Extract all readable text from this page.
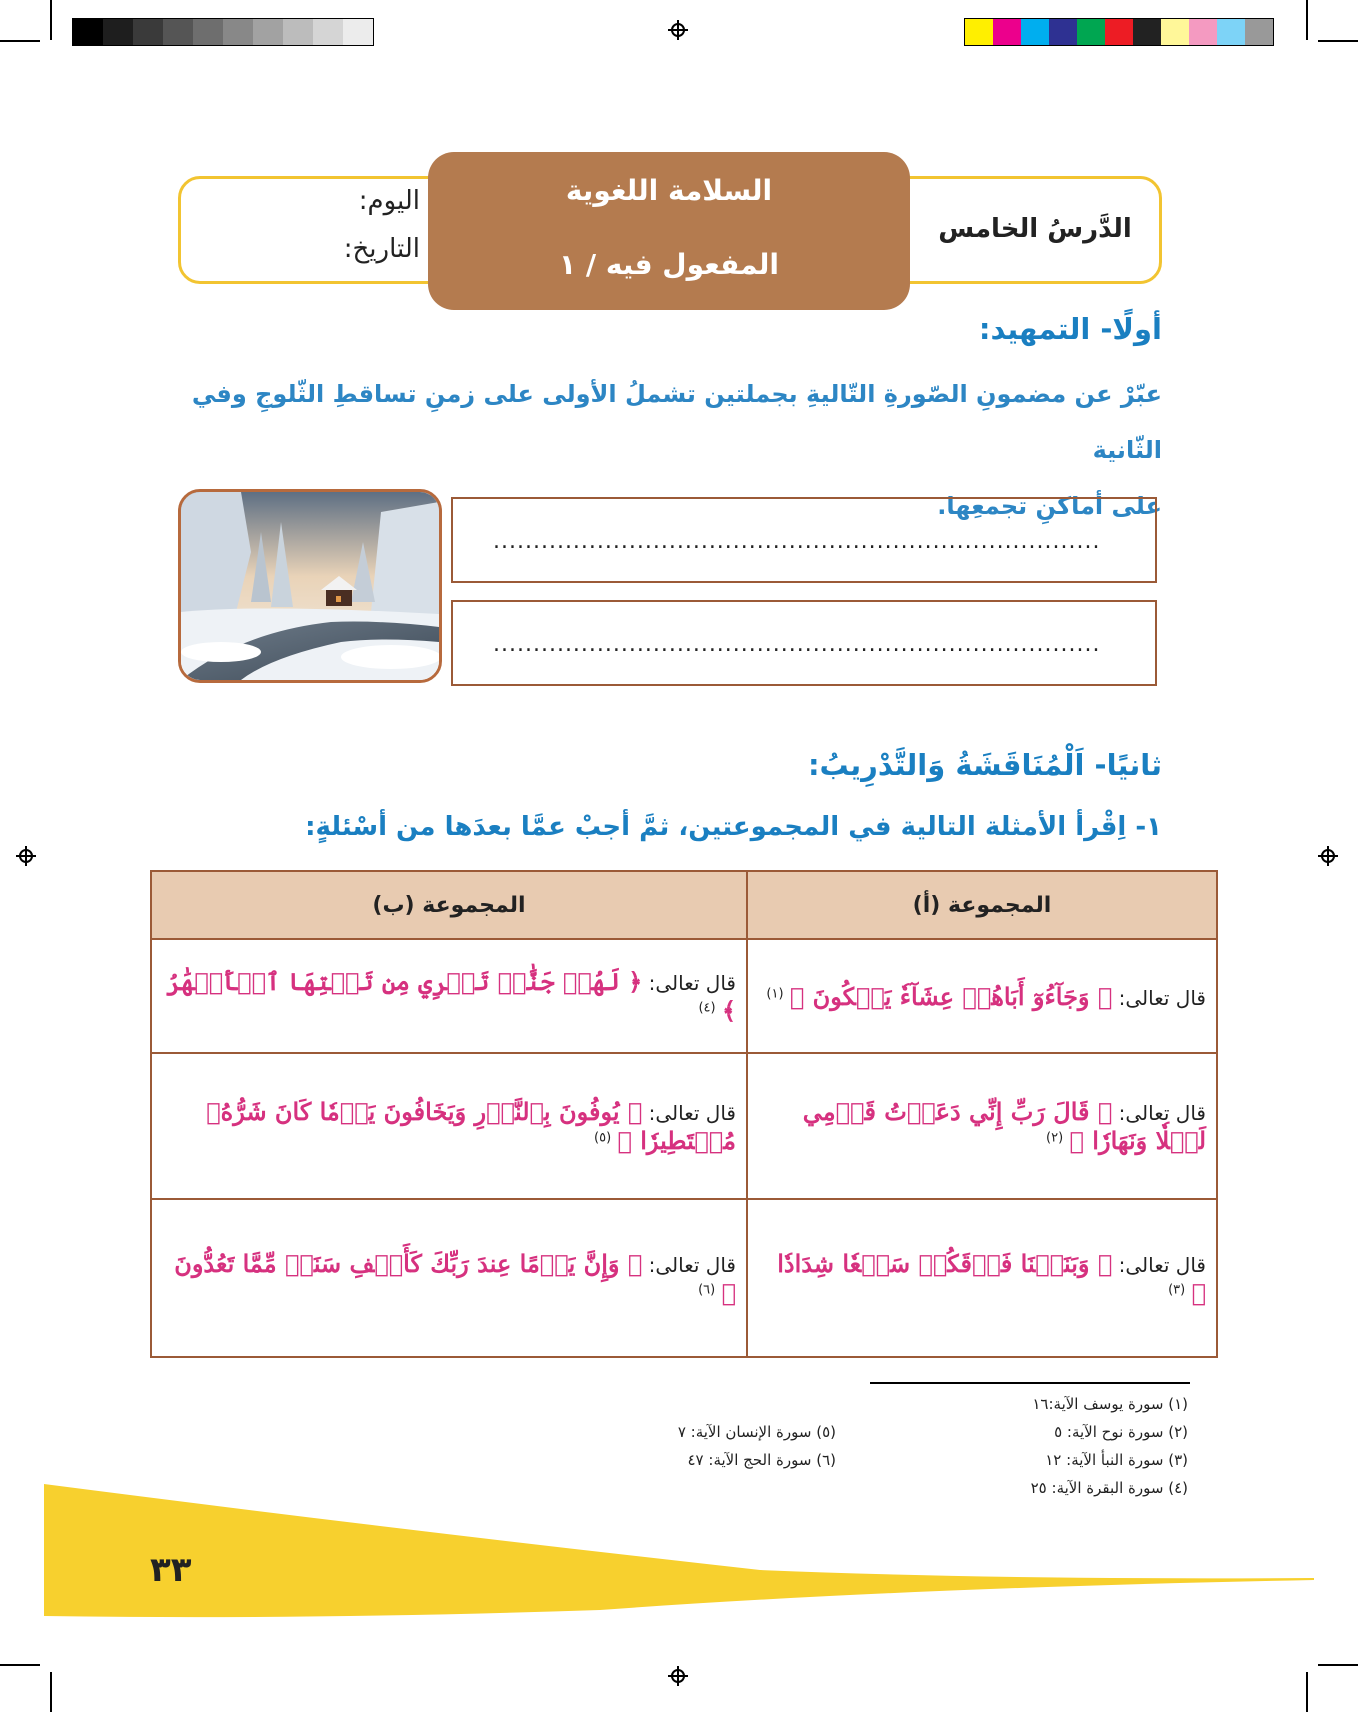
السلامة اللغوية
المفعول فيه / ١
الدَّرسُ الخامس
اليوم:
التاريخ:
أولًا- التمهيد:
عبّرْ عن مضمونِ الصّورةِ التّاليةِ بجملتين تشملُ الأولى على زمنِ تساقطِ الثّلوجِ وفي الثّانية
على أماكنِ تجمعِها.
............................................................................
............................................................................
ثانيًا- اَلْمُنَاقَشَةُ وَالتَّدْرِيبُ:
١- اِقْرأ الأمثلة التالية في المجموعتين، ثمَّ أجبْ عمَّا بعدَها من أسْئلةٍ:
المجموعة (ب)	المجموعة (أ)
قال تعالى: ﴿ لَهُمۡ جَنَّٰتٞ تَجۡرِي مِن تَحۡتِهَا ٱلۡأَنۡهَٰرُ ﴾ $^{(٤)}$	قال تعالى: ﴿ وَجَآءُوٓ أَبَاهُمۡ عِشَآءٗ يَبۡكُونَ ﴾ $^{(١)}$
قال تعالى: ﴿ يُوفُونَ بِٱلنَّذۡرِ وَيَخَافُونَ يَوۡمٗا كَانَ شَرُّهُۥ مُسۡتَطِيرٗا ﴾ $^{(٥)}$	قال تعالى: ﴿ قَالَ رَبِّ إِنِّي دَعَوۡتُ قَوۡمِي لَيۡلٗا وَنَهَارٗا ﴾ $^{(٢)}$
قال تعالى: ﴿ وَإِنَّ يَوۡمًا عِندَ رَبِّكَ كَأَلۡفِ سَنَةٖ مِّمَّا تَعُدُّونَ ﴾ $^{(٦)}$	قال تعالى: ﴿ وَبَنَيۡنَا فَوۡقَكُمۡ سَبۡعٗا شِدَادٗا ﴾ $^{(٣)}$
(١) سورة يوسف الآية:١٦
(٢) سورة نوح الآية: ٥
(٣) سورة النبأ الآية: ١٢
(٤) سورة البقرة الآية: ٢٥
(٥) سورة الإنسان الآية: ٧
(٦) سورة الحج الآية: ٤٧
٣٣
